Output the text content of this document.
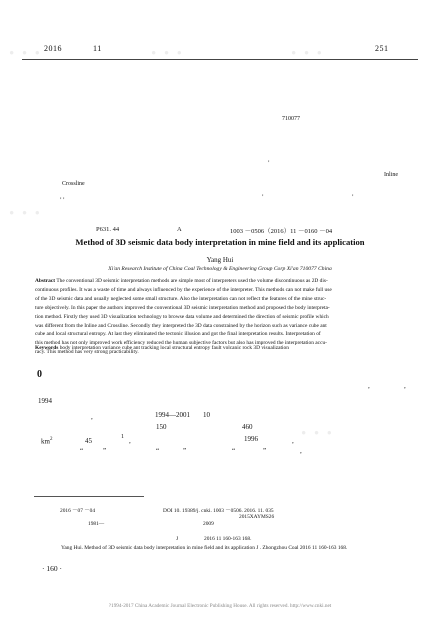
· · ·	· · ·	· · ·
· · ·
· · ·
2016	11	251
710077
,
Inline
Crossline
, ,	,	,
P631. 44	A	1003 －0506（2016）11 －0160 －04
Method of 3D seismic data body interpretation in mine field and its application
Yang Hui
Xi'an Research Institute of China Coal Technology & Engineering Group Corp Xi'an 710077 China
Abstract The conventional 3D seismic interpretation methods are simple most of interpreters used the volume discontinuous as 2D dis-
continuous profiles. It was a waste of time and always influenced by the experience of the interpreter. This methods can not make full use
of the 3D seismic data and usually neglected some small structure. Also the interpretation can not reflect the features of the mine struc-
ture objectively. In this paper the authors improved the conventional 3D seismic interpretation method and proposed the body interpreta-
tion method. Firstly they used 3D visualization technology to browse data volume and determined the direction of seismic profile which
was different from the Inline and Crossline. Secondly they interpreted the 3D data constrained by the horizon such as variance cube ant
cube and local structural entropy. At last they eliminated the tectonic illusion and got the final interpretation results. Interpretation of
this method has not only improved work efficiency reduced the human subjective factors but also has improved the interpretation accu-
racy. This method has very strong practicability.
Keywords body interpretation variance cube ant tracking local structural entropy fault volcanic rock 3D visualization
0
,	,
1994
,	1994—2001 10
150	460
$km^2$	45	1 ,	1996	,
“	”	“	”	“	”	,
2016 －07 －04	DOI 10. 19389/j. cnki. 1003 －0506. 2016. 11. 035
2015XAYMS26
1981—	2009
J	2016 11 160-163 168.
Yang Hui. Method of 3D seismic data body interpretation in mine field and its application J . Zhongzhou Coal 2016 11 160-163 168.
· 160 ·
?1994-2017 China Academic Journal Electronic Publishing House. All rights reserved. http://www.cnki.net
